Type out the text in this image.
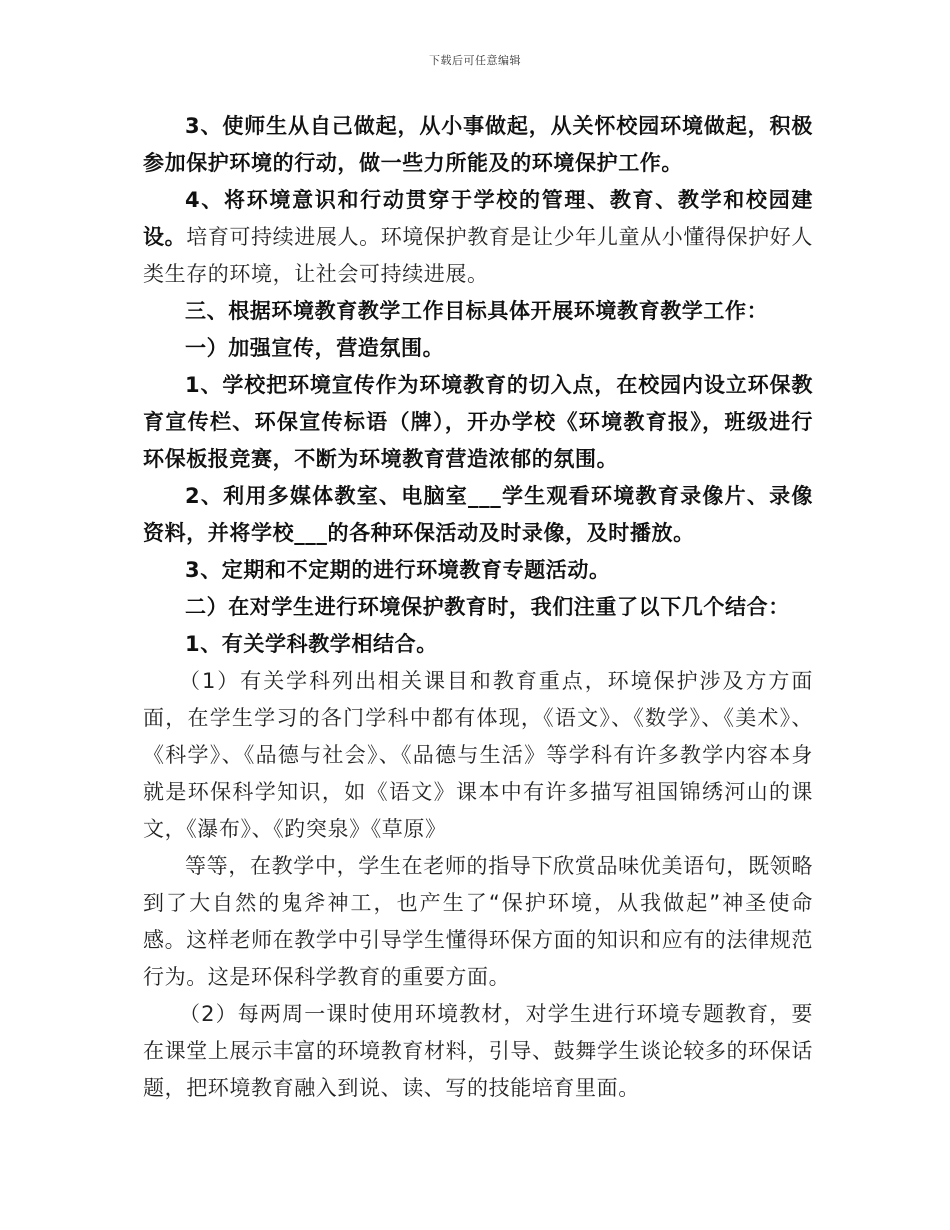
下载后可任意编辑

3、使师生从自己做起，从小事做起，从关怀校园环境做起，积极参加保护环境的行动，做一些力所能及的环境保护工作。

4、将环境意识和行动贯穿于学校的管理、教育、教学和校园建设。培育可持续进展人。环境保护教育是让少年儿童从小懂得保护好人类生存的环境，让社会可持续进展。

三、根据环境教育教学工作目标具体开展环境教育教学工作：

一）加强宣传，营造氛围。

1、学校把环境宣传作为环境教育的切入点，在校园内设立环保教育宣传栏、环保宣传标语（牌），开办学校《环境教育报》，班级进行环保板报竞赛，不断为环境教育营造浓郁的氛围。

2、利用多媒体教室、电脑室___学生观看环境教育录像片、录像资料，并将学校___的各种环保活动及时录像，及时播放。

3、定期和不定期的进行环境教育专题活动。

二）在对学生进行环境保护教育时，我们注重了以下几个结合：

1、有关学科教学相结合。

（1）有关学科列出相关课目和教育重点，环境保护涉及方方面面，在学生学习的各门学科中都有体现，《语文》、《数学》、《美术》、《科学》、《品德与社会》、《品德与生活》等学科有许多教学内容本身就是环保科学知识，如《语文》课本中有许多描写祖国锦绣河山的课文，《瀑布》、《趵突泉》《草原》

等等，在教学中，学生在老师的指导下欣赏品味优美语句，既领略到了大自然的鬼斧神工，也产生了“保护环境，从我做起”神圣使命感。这样老师在教学中引导学生懂得环保方面的知识和应有的法律规范行为。这是环保科学教育的重要方面。

（2）每两周一课时使用环境教材，对学生进行环境专题教育，要在课堂上展示丰富的环境教育材料，引导、鼓舞学生谈论较多的环保话题，把环境教育融入到说、读、写的技能培育里面。
